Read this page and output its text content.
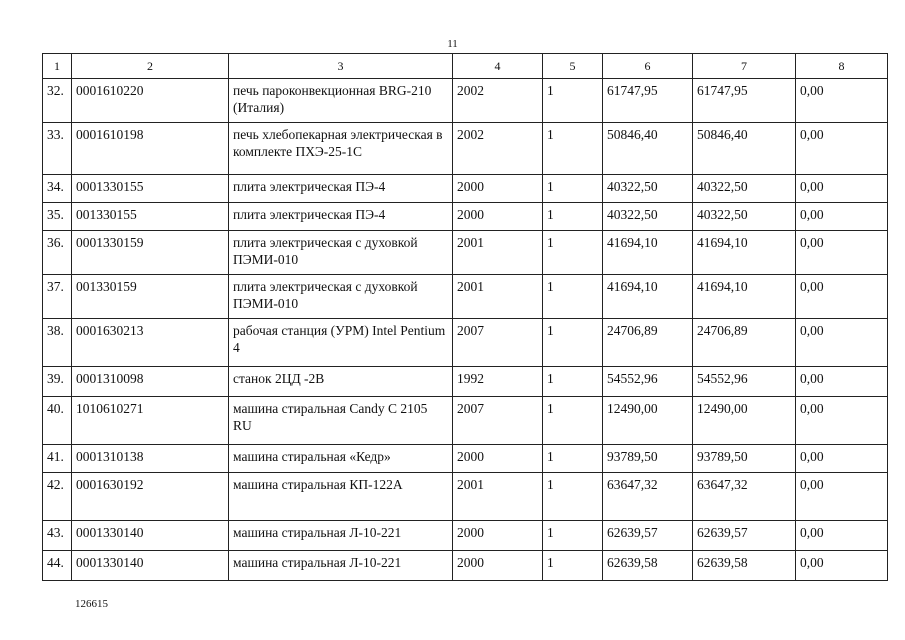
11
1	2	3	4	5	6	7	8
32.	0001610220	печь пароконвекционная BRG-210 (Италия)	2002	1	61747,95	61747,95	0,00
33.	0001610198	печь хлебопекарная электрическая в комплекте ПХЭ-25-1С	2002	1	50846,40	50846,40	0,00
34.	0001330155	плита электрическая ПЭ-4	2000	1	40322,50	40322,50	0,00
35.	001330155	плита электрическая ПЭ-4	2000	1	40322,50	40322,50	0,00
36.	0001330159	плита электрическая с духовкой ПЭМИ-010	2001	1	41694,10	41694,10	0,00
37.	001330159	плита электрическая с духовкой ПЭМИ-010	2001	1	41694,10	41694,10	0,00
38.	0001630213	рабочая станция (УРМ) Intel Pentium 4	2007	1	24706,89	24706,89	0,00
39.	0001310098	станок 2ЦД -2В	1992	1	54552,96	54552,96	0,00
40.	1010610271	машина стиральная Candy C 2105 RU	2007	1	12490,00	12490,00	0,00
41.	0001310138	машина стиральная «Кедр»	2000	1	93789,50	93789,50	0,00
42.	0001630192	машина стиральная КП-122А	2001	1	63647,32	63647,32	0,00
43.	0001330140	машина стиральная Л-10-221	2000	1	62639,57	62639,57	0,00
44.	0001330140	машина стиральная Л-10-221	2000	1	62639,58	62639,58	0,00
126615
